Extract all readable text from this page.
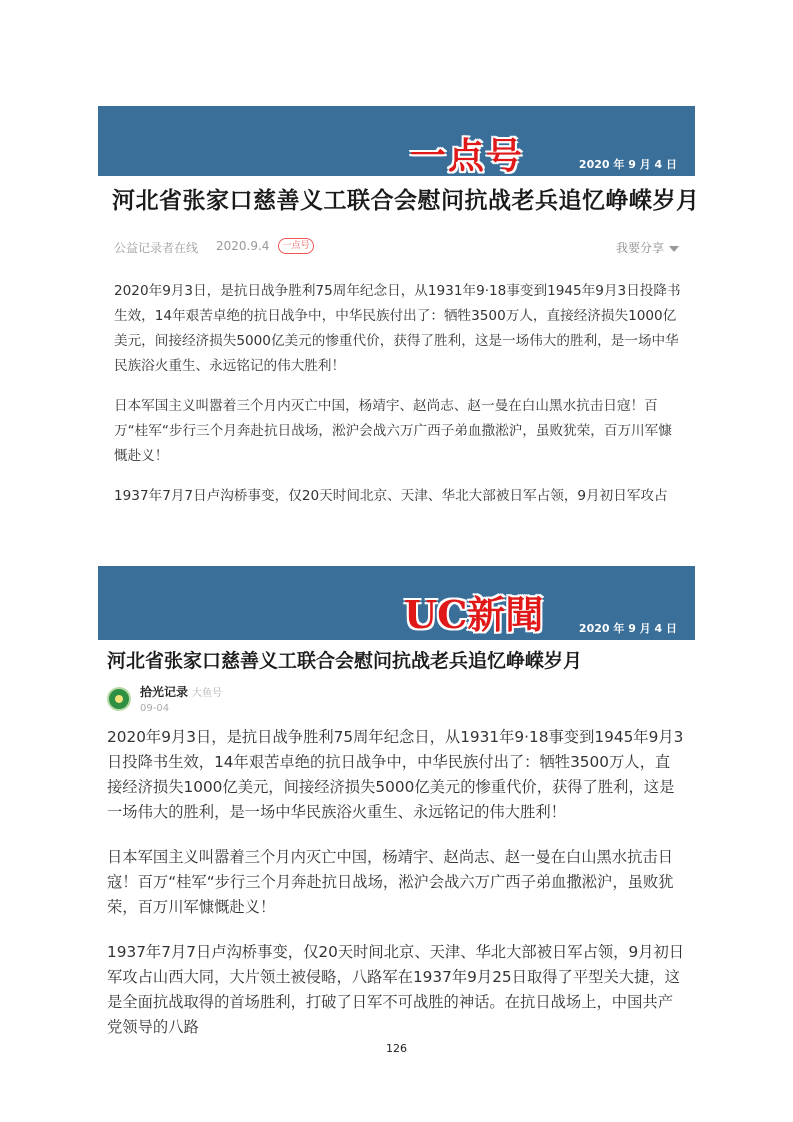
一点号	2020 年 9 月 4 日
河北省张家口慈善义工联合会慰问抗战老兵追忆峥嵘岁月
公益记录者在线 2020.9.4	一点号	我要分享

2020年9月3日，是抗日战争胜利75周年纪念日，从1931年9·18事变到1945年9月3日投降书生效，14年艰苦卓绝的抗日战争中，中华民族付出了：牺牲3500万人，直接经济损失1000亿美元，间接经济损失5000亿美元的惨重代价，获得了胜利，这是一场伟大的胜利，是一场中华民族浴火重生、永远铭记的伟大胜利！

日本军国主义叫嚣着三个月内灭亡中国，杨靖宇、赵尚志、赵一曼在白山黑水抗击日寇！百万“桂军“步行三个月奔赴抗日战场，淞沪会战六万广西子弟血撒淞沪，虽败犹荣，百万川军慷慨赴义！

1937年7月7日卢沟桥事变，仅20天时间北京、天津、华北大部被日军占领，9月初日军攻占

UC新聞	2020 年 9 月 4 日
河北省张家口慈善义工联合会慰问抗战老兵追忆峥嵘岁月
拾光记录 大鱼号
09-04

2020年9月3日，是抗日战争胜利75周年纪念日，从1931年9·18事变到1945年9月3日投降书生效，14年艰苦卓绝的抗日战争中，中华民族付出了：牺牲3500万人，直接经济损失1000亿美元，间接经济损失5000亿美元的惨重代价，获得了胜利，这是一场伟大的胜利，是一场中华民族浴火重生、永远铭记的伟大胜利！

日本军国主义叫嚣着三个月内灭亡中国，杨靖宇、赵尚志、赵一曼在白山黑水抗击日寇！百万“桂军“步行三个月奔赴抗日战场，淞沪会战六万广西子弟血撒淞沪，虽败犹荣，百万川军慷慨赴义！

1937年7月7日卢沟桥事变，仅20天时间北京、天津、华北大部被日军占领，9月初日军攻占山西大同，大片领土被侵略，八路军在1937年9月25日取得了平型关大捷，这是全面抗战取得的首场胜利，打破了日军不可战胜的神话。在抗日战场上，中国共产党领导的八路

126
